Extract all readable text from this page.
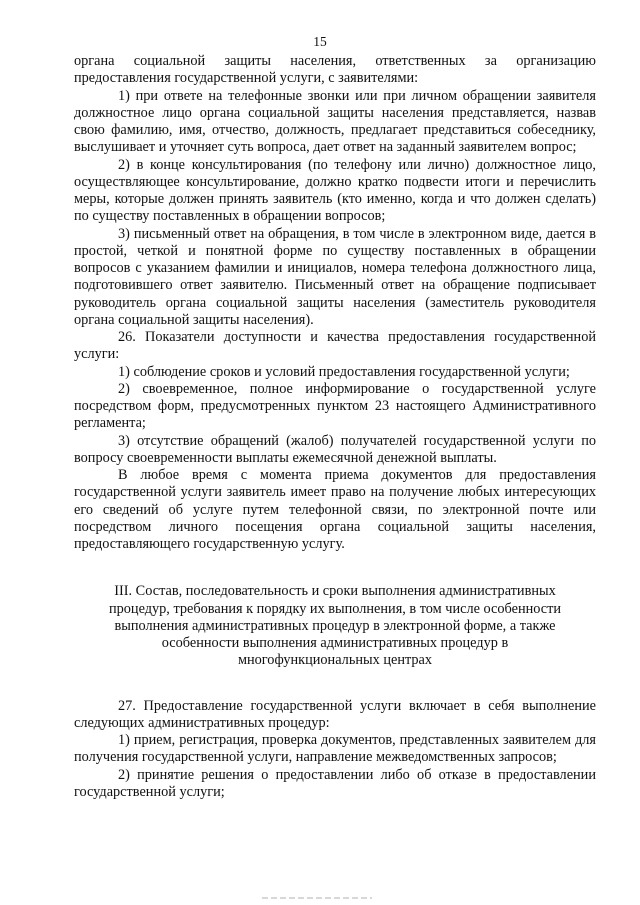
15

органа социальной защиты населения, ответственных за организацию предоставления государственной услуги, с заявителями:

1) при ответе на телефонные звонки или при личном обращении заявителя должностное лицо органа социальной защиты населения представляется, назвав свою фамилию, имя, отчество, должность, предлагает представиться собеседнику, выслушивает и уточняет суть вопроса, дает ответ на заданный заявителем вопрос;

2) в конце консультирования (по телефону или лично) должностное лицо, осуществляющее консультирование, должно кратко подвести итоги и перечислить меры, которые должен принять заявитель (кто именно, когда и что должен сделать) по существу поставленных в обращении вопросов;

3) письменный ответ на обращения, в том числе в электронном виде, дается в простой, четкой и понятной форме по существу поставленных в обращении вопросов с указанием фамилии и инициалов, номера телефона должностного лица, подготовившего ответ заявителю. Письменный ответ на обращение подписывает руководитель органа социальной защиты населения (заместитель руководителя органа социальной защиты населения).

26. Показатели доступности и качества предоставления государственной услуги:

1) соблюдение сроков и условий предоставления государственной услуги;

2) своевременное, полное информирование о государственной услуге посредством форм, предусмотренных пунктом 23 настоящего Административного регламента;

3) отсутствие обращений (жалоб) получателей государственной услуги по вопросу своевременности выплаты ежемесячной денежной выплаты.

В любое время с момента приема документов для предоставления государственной услуги заявитель имеет право на получение любых интересующих его сведений об услуге путем телефонной связи, по электронной почте или посредством личного посещения органа социальной защиты населения, предоставляющего государственную услугу.

III. Состав, последовательность и сроки выполнения административных
процедур, требования к порядку их выполнения, в том числе особенности
выполнения административных процедур в электронной форме, а также
особенности выполнения административных процедур в
многофункциональных центрах

27. Предоставление государственной услуги включает в себя выполнение следующих административных процедур:

1) прием, регистрация, проверка документов, представленных заявителем для получения государственной услуги, направление межведомственных запросов;

2) принятие решения о предоставлении либо об отказе в предоставлении государственной услуги;
